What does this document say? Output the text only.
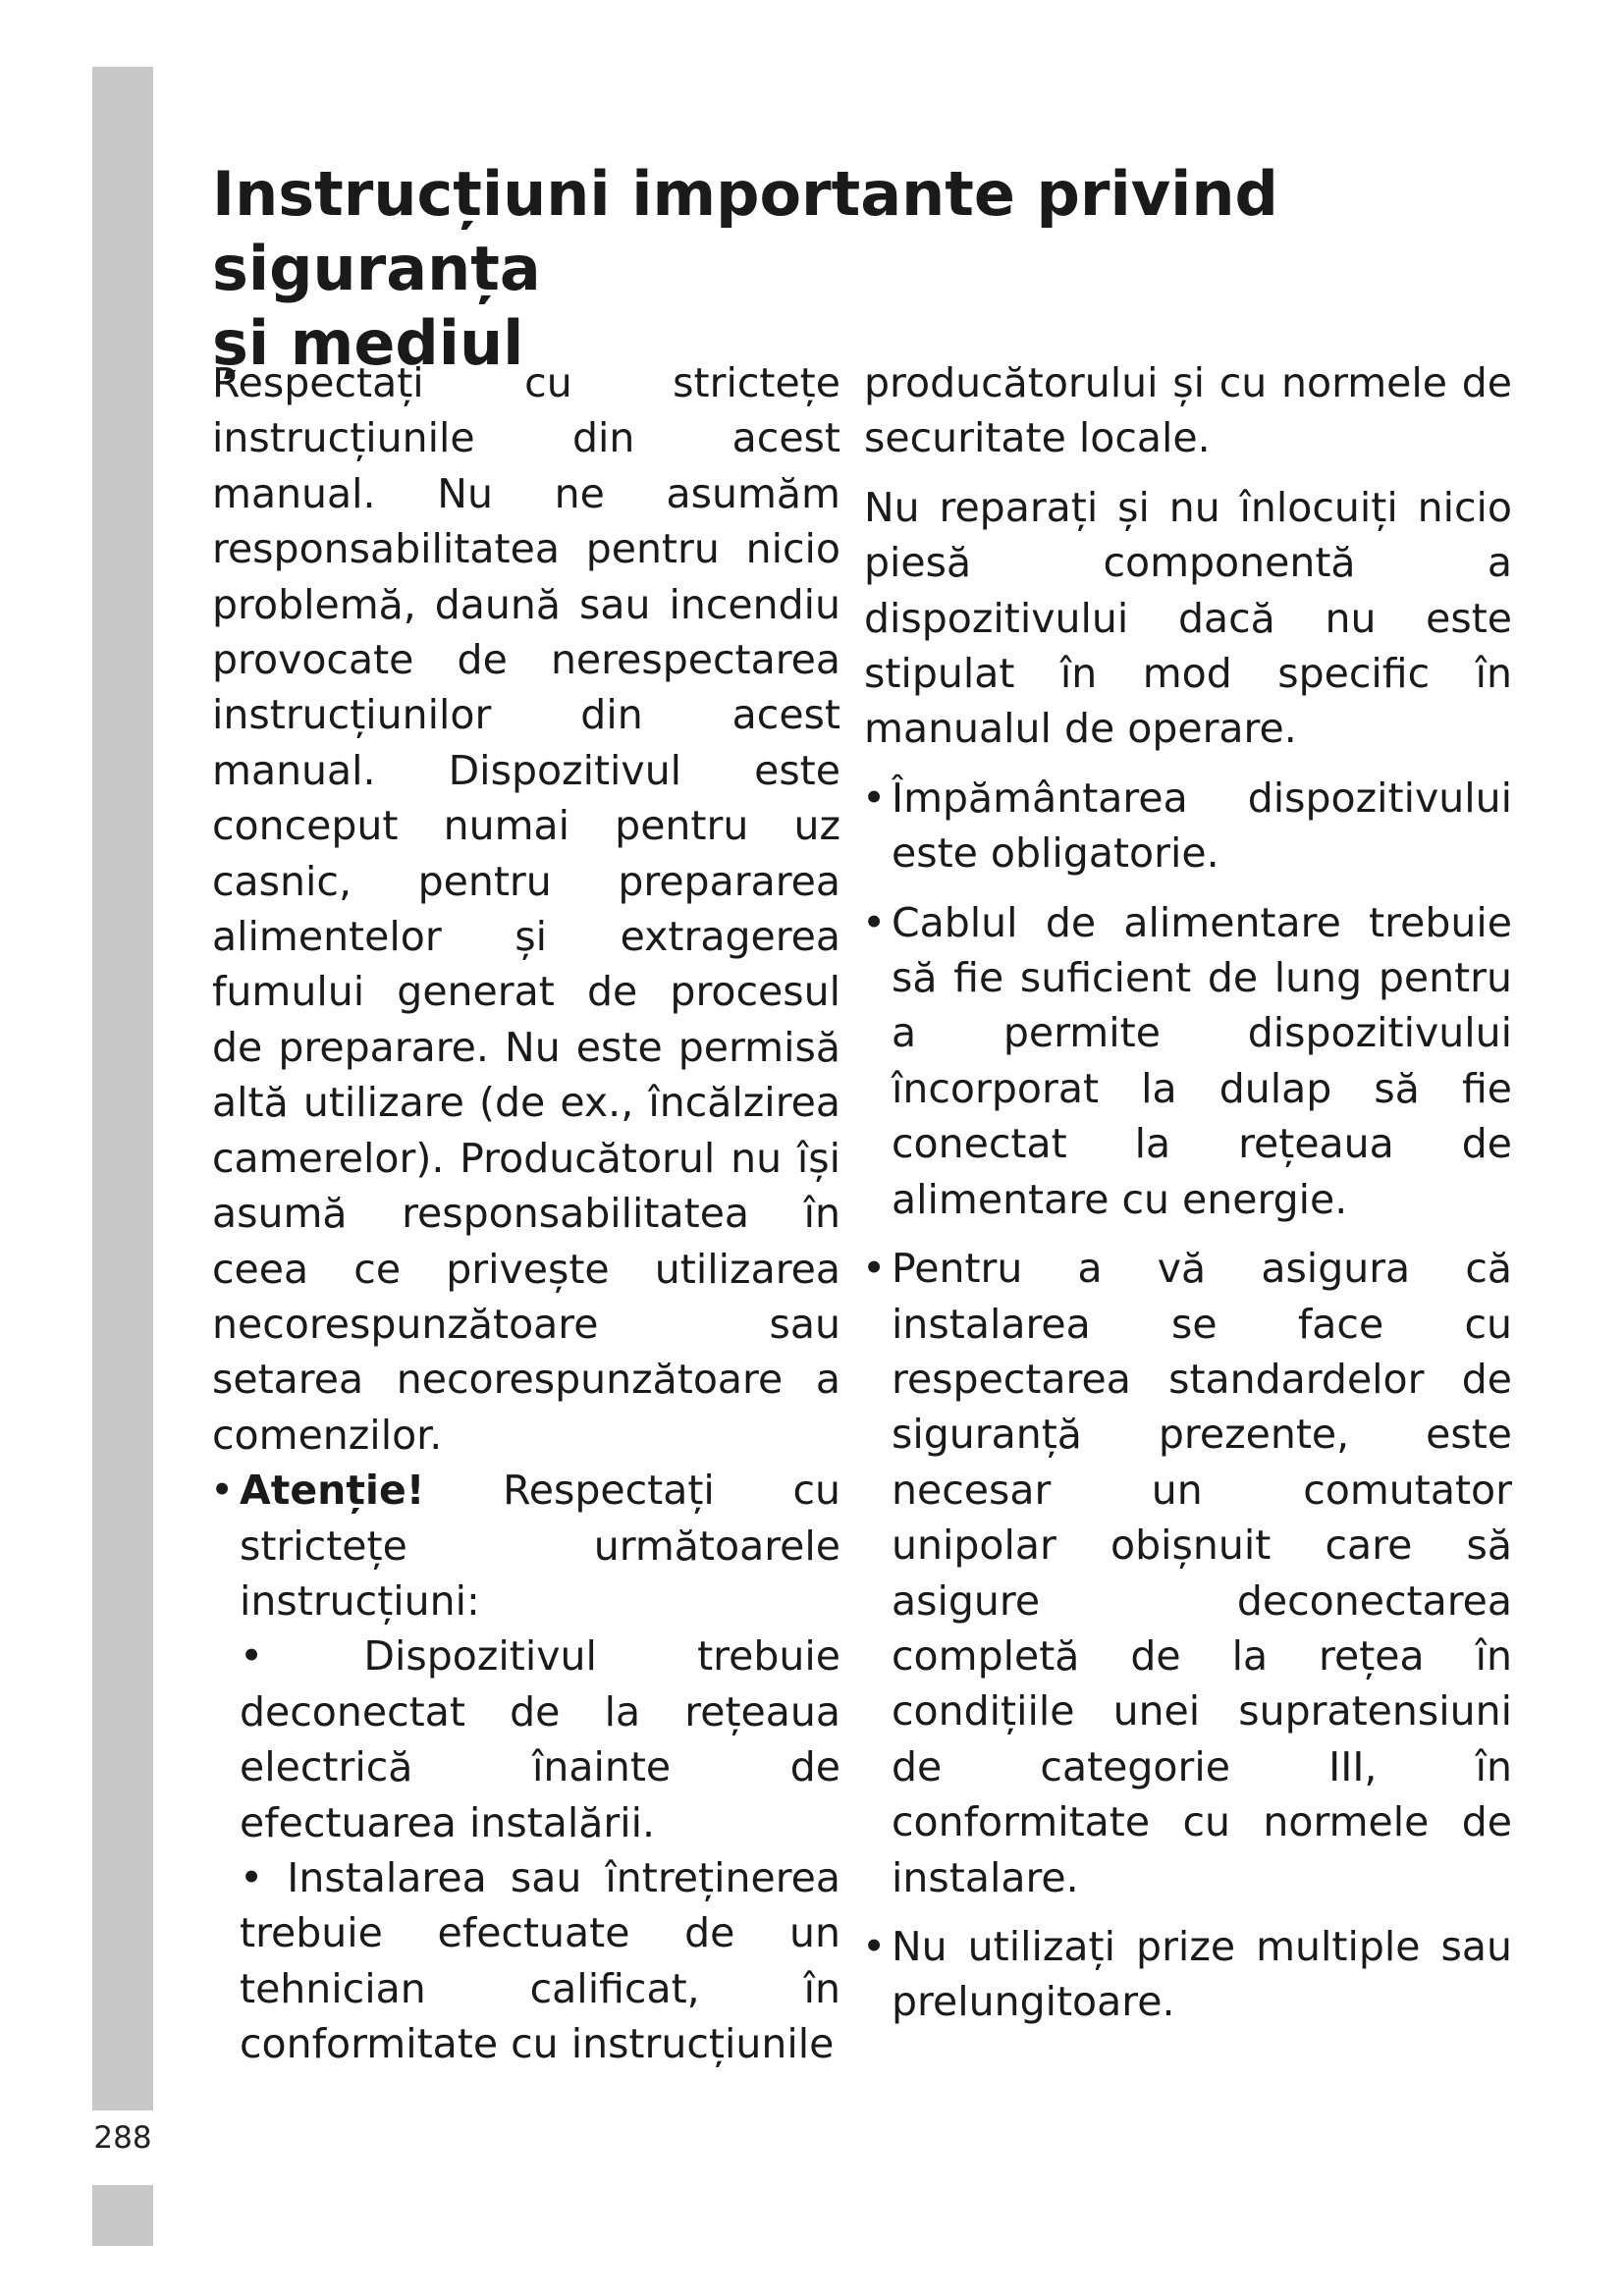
288
Instrucțiuni importante privind siguranța
și mediul

Respectați cu strictețe instrucțiunile din acest manual. Nu ne asumăm responsabilitatea pentru nicio problemă, daună sau incendiu provocate de nerespectarea instrucțiunilor din acest manual. Dispozitivul este conceput numai pentru uz casnic, pentru prepararea alimentelor și extragerea fumului generat de procesul de preparare. Nu este permisă altă utilizare (de ex., încălzirea camerelor). Producătorul nu își asumă responsabilitatea în ceea ce privește utilizarea necorespunzătoare sau setarea necorespunzătoare a comenzilor.

• Atenție! Respectați cu strictețe următoarele instrucțiuni:

• Dispozitivul trebuie deconectat de la rețeaua electrică înainte de efectuarea instalării.

• Instalarea sau întreținerea trebuie efectuate de un tehnician calificat, în conformitate cu instrucțiunile

producătorului și cu normele de securitate locale.

Nu reparați și nu înlocuiți nicio piesă componentă a dispozitivului dacă nu este stipulat în mod specific în manualul de operare.

• Împământarea dispozitivului este obligatorie.

• Cablul de alimentare trebuie să fie suficient de lung pentru a permite dispozitivului încorporat la dulap să fie conectat la rețeaua de alimentare cu energie.

• Pentru a vă asigura că instalarea se face cu respectarea standardelor de siguranță prezente, este necesar un comutator unipolar obișnuit care să asigure deconectarea completă de la rețea în condițiile unei supratensiuni de categorie III, în conformitate cu normele de instalare.

• Nu utilizați prize multiple sau prelungitoare.
